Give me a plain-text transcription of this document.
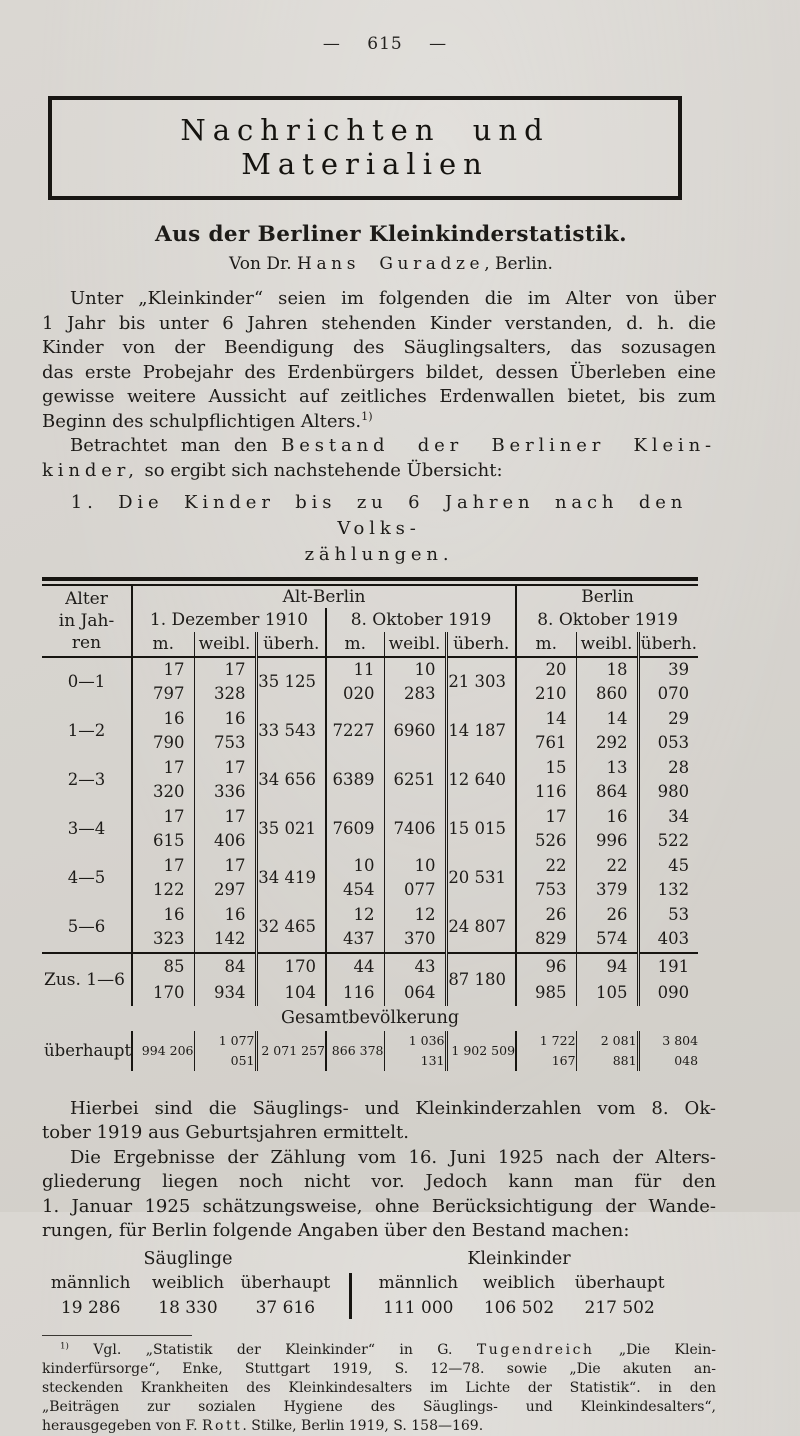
— 615 —
Nachrichten und Materialien
Aus der Berliner Kleinkinderstatistik.
Von Dr. Hans Guradze, Berlin.
Unter „Kleinkinder“ seien im folgenden die im Alter von über
1 Jahr bis unter 6 Jahren stehenden Kinder verstanden, d. h. die
Kinder von der Beendigung des Säuglingsalters, das sozusagen
das erste Probejahr des Erdenbürgers bildet, dessen Überleben eine
gewisse weitere Aussicht auf zeitliches Erdenwallen bietet, bis zum
Beginn des schulpflichtigen Alters.$^{1)}$
Betrachtet man den Bestand der Berliner Klein-
kinder, so ergibt sich nachstehende Übersicht:
1. Die Kinder bis zu 6 Jahren nach den Volks-
zählungen.
Alter
in Jah-
ren	Alt-Berlin						Berlin		
	1. Dezember 1910			8. Oktober 1919			8. Oktober 1919		
	m.	weibl.	überh.	m.	weibl.	überh.	m.	weibl.	überh.
0—1	17 797	17 328	35 125	11 020	10 283	21 303	20 210	18 860	39 070
1—2	16 790	16 753	33 543	7227	6960	14 187	14 761	14 292	29 053
2—3	17 320	17 336	34 656	6389	6251	12 640	15 116	13 864	28 980
3—4	17 615	17 406	35 021	7609	7406	15 015	17 526	16 996	34 522
4—5	17 122	17 297	34 419	10 454	10 077	20 531	22 753	22 379	45 132
5—6	16 323	16 142	32 465	12 437	12 370	24 807	26 829	26 574	53 403
Zus. 1—6	85 170	84 934	170 104	44 116	43 064	87 180	96 985	94 105	191 090
Gesamtbevölkerung									
überhaupt	994 206	1 077 051	2 071 257	866 378	1 036 131	1 902 509	1 722 167	2 081 881	3 804 048
Hierbei sind die Säuglings- und Kleinkinderzahlen vom 8. Ok-
tober 1919 aus Geburtsjahren ermittelt.
Die Ergebnisse der Zählung vom 16. Juni 1925 nach der Alters-
gliederung liegen noch nicht vor. Jedoch kann man für den
1. Januar 1925 schätzungsweise, ohne Berücksichtigung der Wande-
rungen, für Berlin folgende Angaben über den Bestand machen:
Säuglinge
männlich	weiblich überhaupt
19 286	18 330	37 616
Kleinkinder
männlich	weiblich	überhaupt
111 000	106 502	217 502
$^{1)}$ Vgl. „Statistik der Kleinkinder“ in G. Tugendreich „Die Klein-
kinderfürsorge“, Enke, Stuttgart 1919, S. 12—78. sowie „Die akuten an-
steckenden Krankheiten des Kleinkindesalters im Lichte der Statistik“. in den
„Beiträgen zur sozialen Hygiene des Säuglings- und Kleinkindesalters“,
herausgegeben von F. Rott. Stilke, Berlin 1919, S. 158—169.
